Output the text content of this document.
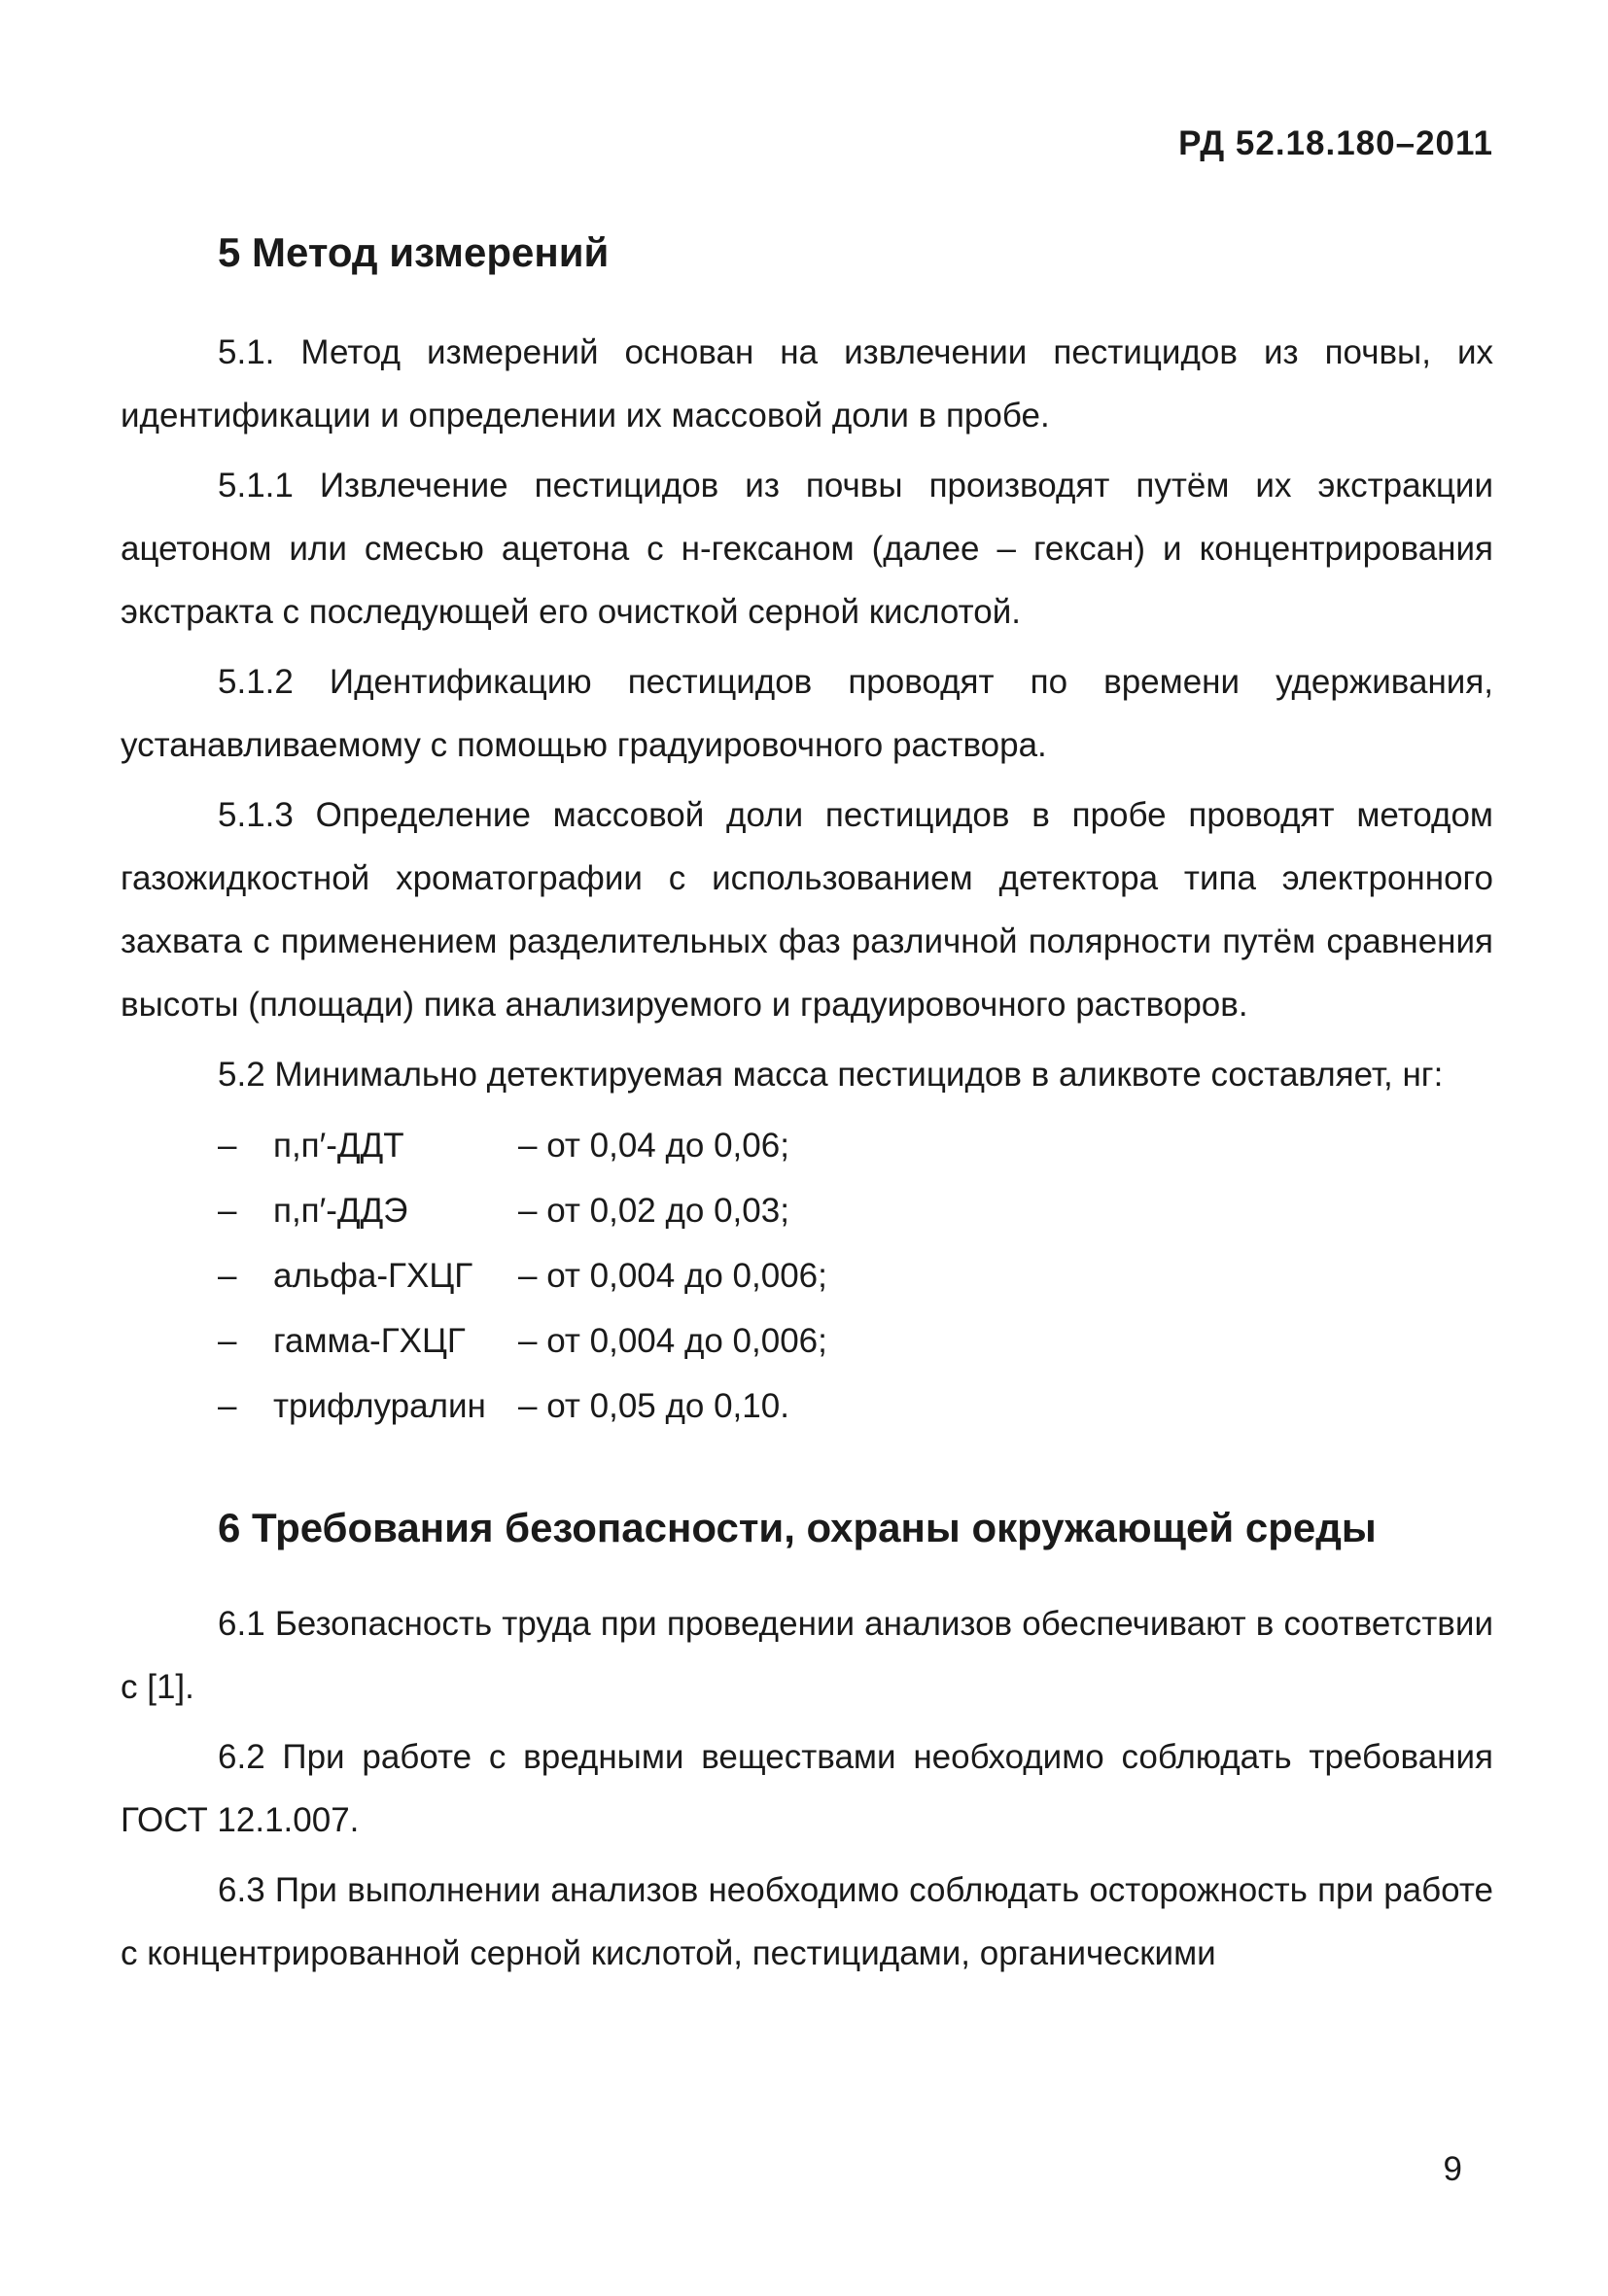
РД 52.18.180–2011
5 Метод измерений

5.1. Метод измерений основан на извлечении пестицидов из почвы, их идентификации и определении их массовой доли в пробе.

5.1.1 Извлечение пестицидов из почвы производят путём их экстракции ацетоном или смесью ацетона с н-гексаном (далее – гексан) и концентрирования экстракта с последующей его очисткой серной кислотой.

5.1.2 Идентификацию пестицидов проводят по времени удерживания, устанавливаемому с помощью градуировочного раствора.

5.1.3 Определение массовой доли пестицидов в пробе проводят методом газожидкостной хроматографии с использованием детектора типа электронного захвата с применением разделительных фаз различной полярности путём сравнения высоты (площади) пика анализируемого и градуировочного растворов.

5.2 Минимально детектируемая масса пестицидов в аликвоте составляет, нг:

–	п,п′-ДДТ	– от 0,04 до 0,06;
–	п,п′-ДДЭ	– от 0,02 до 0,03;
–	альфа-ГХЦГ	– от 0,004 до 0,006;
–	гамма-ГХЦГ	– от 0,004 до 0,006;
–	трифлуралин – от 0,05 до 0,10.
6 Требования безопасности, охраны окружающей среды

6.1 Безопасность труда при проведении анализов обеспечивают в соответствии с [1].

6.2 При работе с вредными веществами необходимо соблюдать требования ГОСТ 12.1.007.

6.3 При выполнении анализов необходимо соблюдать осторожность при работе с концентрированной серной кислотой, пестицидами, органическими

9
